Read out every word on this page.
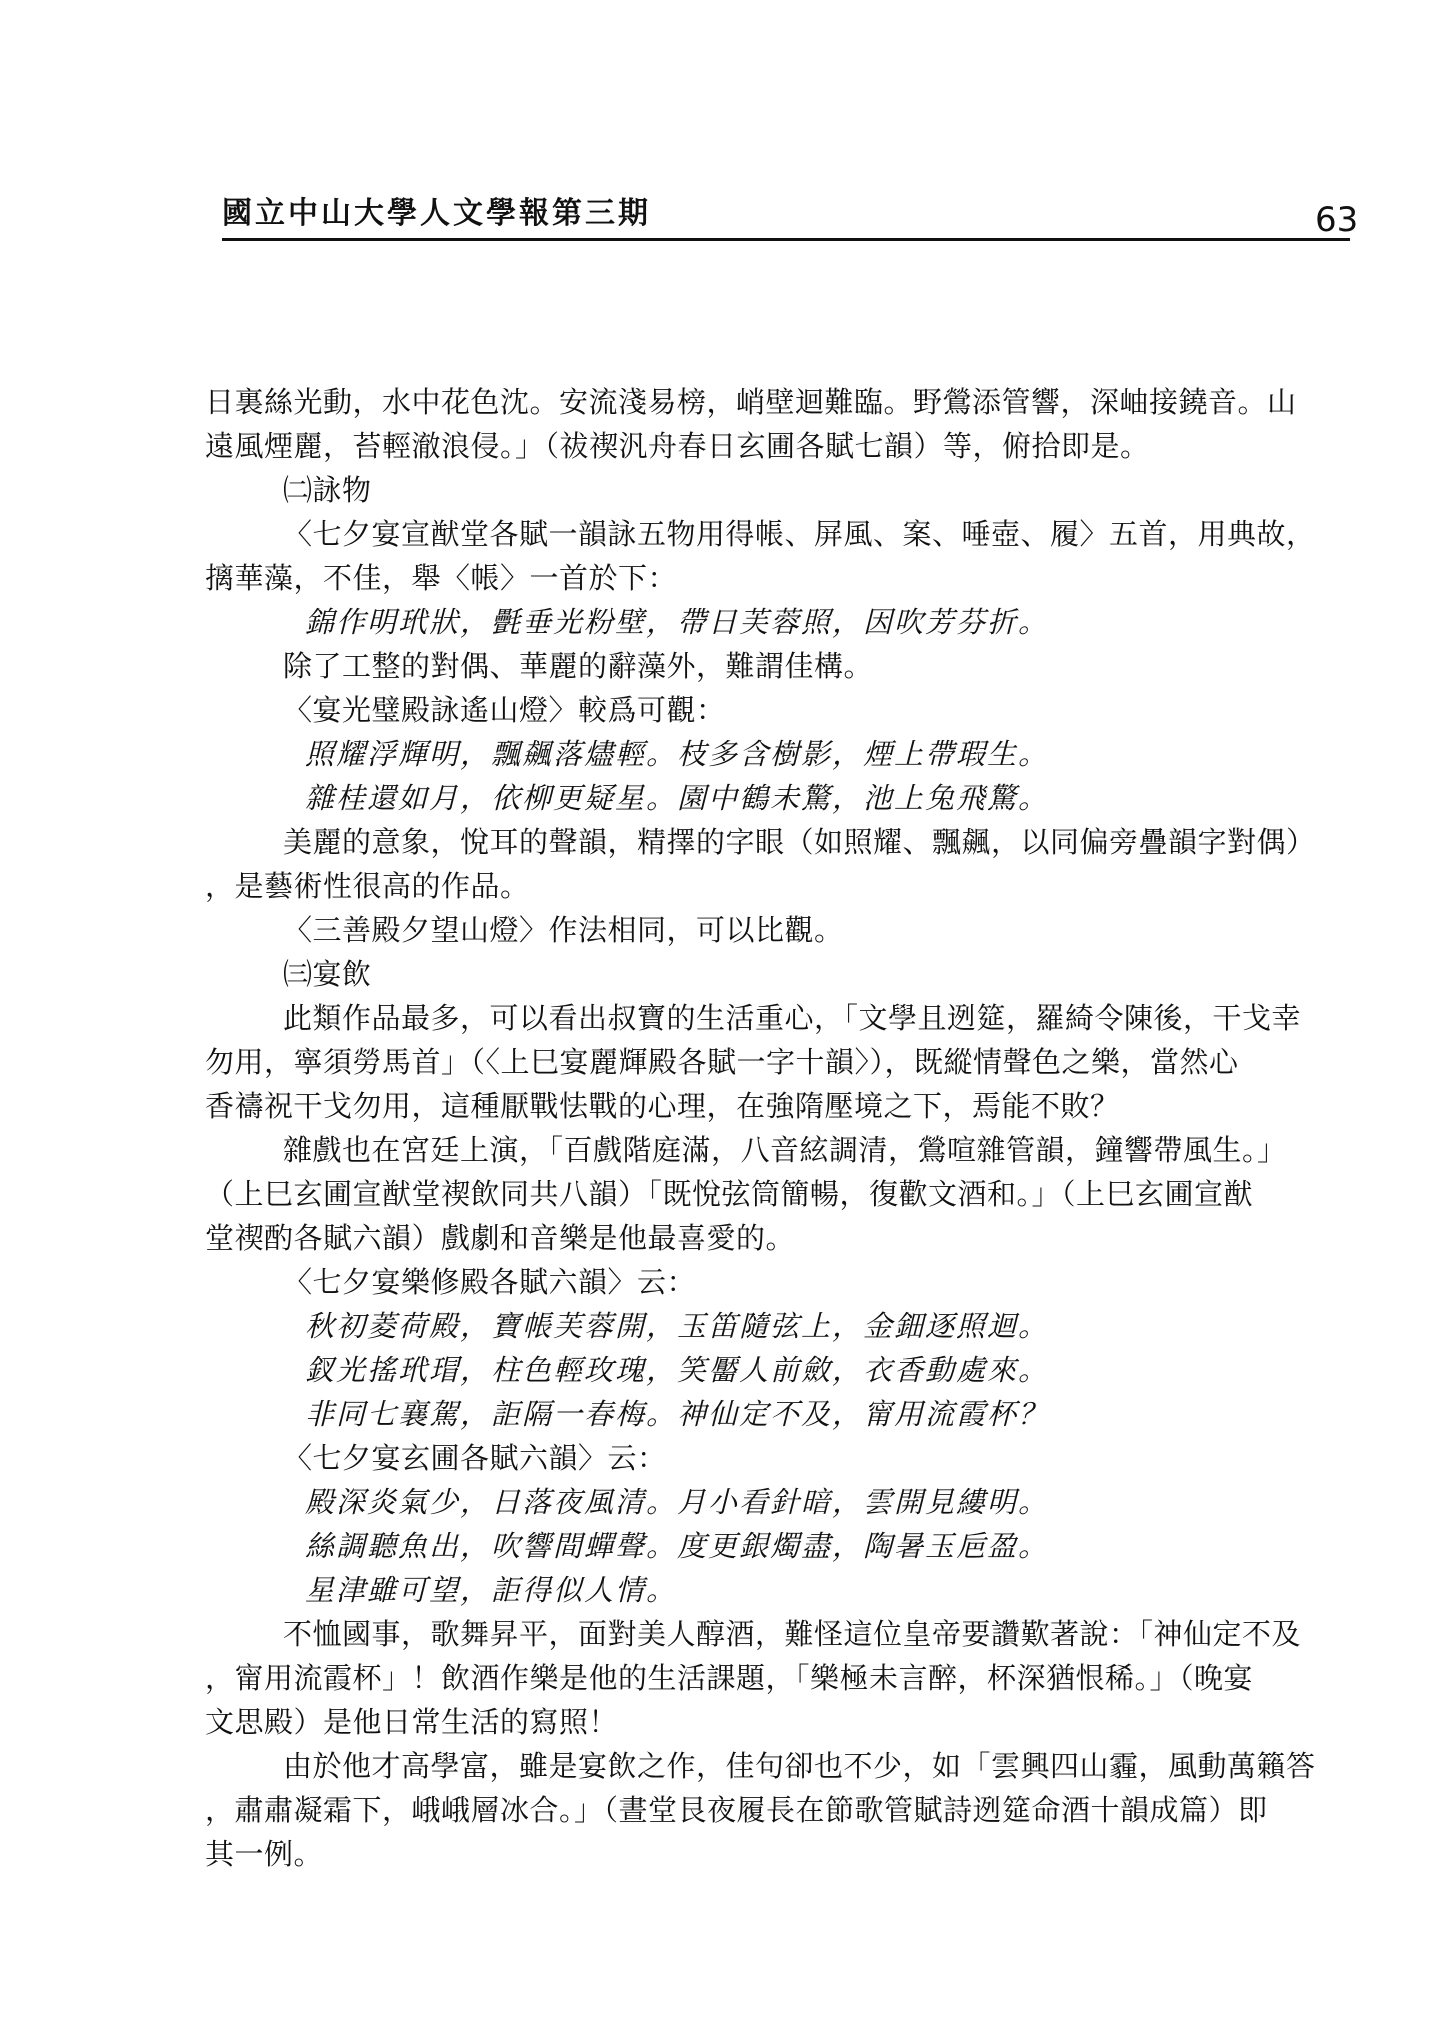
國立中山大學人文學報第三期	63
日裏絲光動，水中花色沈。安流淺易榜，峭壁迴難臨。野鶯添管響，深岫接鐃音。山
遠風煙麗，苔輕澈浪侵。」（祓禊汎舟春日玄圃各賦七韻）等，俯拾即是。
㈡詠物
〈七夕宴宣猷堂各賦一韻詠五物用得帳、屏風、案、唾壺、履〉五首，用典故，
摛華藻，不佳，舉〈帳〉一首於下：
錦作明玳狀，㲲垂光粉壁，帶日芙蓉照，因吹芳芬折。
除了工整的對偶、華麗的辭藻外，難謂佳構。
〈宴光璧殿詠遙山燈〉較爲可觀：
照耀浮輝明，飄飆落燼輕。枝多含樹影，煙上帶瑕生。
雜桂還如月，依柳更疑星。園中鶴未驚，池上兔飛驚。
美麗的意象，悅耳的聲韻，精擇的字眼（如照耀、飄飆，以同偏旁疊韻字對偶）
，是藝術性很高的作品。
〈三善殿夕望山燈〉作法相同，可以比觀。
㈢宴飲
此類作品最多，可以看出叔寶的生活重心，「文學且迾筵，羅綺令陳後，干戈幸
勿用，寧須勞馬首」（〈上巳宴麗輝殿各賦一字十韻〉），既縱情聲色之樂，當然心
香禱祝干戈勿用，這種厭戰怯戰的心理，在強隋壓境之下，焉能不敗？
雜戲也在宮廷上演，「百戲階庭滿，八音絃調清，鶯喧雜管韻，鐘響帶風生。」
（上巳玄圃宣猷堂禊飲同共八韻）「既悅弦筒簡暢，復歡文酒和。」（上巳玄圃宣猷
堂禊酌各賦六韻）戲劇和音樂是他最喜愛的。
〈七夕宴樂修殿各賦六韻〉云：
秋初菱荷殿，寶帳芙蓉開，玉笛隨弦上，金鈿逐照迴。
釵光搖玳瑁，柱色輕玫瑰，笑靨人前斂，衣香動處來。
非同七襄駕，詎隔一春梅。神仙定不及，甯用流霞杯？
〈七夕宴玄圃各賦六韻〉云：
殿深炎氣少，日落夜風清。月小看針暗，雲開見縷明。
絲調聽魚出，吹響間蟬聲。度更銀燭盡，陶暑玉巵盈。
星津雖可望，詎得似人情。
不恤國事，歌舞昇平，面對美人醇酒，難怪這位皇帝要讚歎著說：「神仙定不及
，甯用流霞杯」！飲酒作樂是他的生活課題，「樂極未言醉，杯深猶恨稀。」（晚宴
文思殿）是他日常生活的寫照！
由於他才高學富，雖是宴飲之作，佳句卻也不少，如「雲興四山霾，風動萬籟答
，肅肅凝霜下，峨峨層冰合。」（晝堂艮夜履長在節歌管賦詩迾筵命酒十韻成篇）即
其一例。
